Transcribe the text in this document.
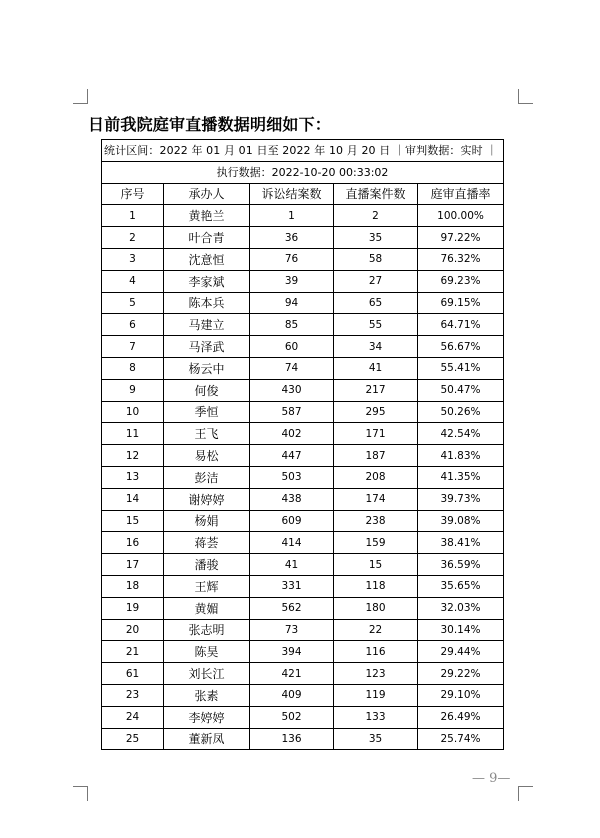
日前我院庭审直播数据明细如下：
统计区间：2022 年 01 月 01 日至 2022 年 10 月 20 日 ｜审判数据：实时 ｜				
执行数据：2022-10-20 00:33:02				
序号	承办人	诉讼结案数	直播案件数	庭审直播率
1	黄艳兰	1	2	100.00%
2	叶合青	36	35	97.22%
3	沈意恒	76	58	76.32%
4	李家斌	39	27	69.23%
5	陈本兵	94	65	69.15%
6	马建立	85	55	64.71%
7	马泽武	60	34	56.67%
8	杨云中	74	41	55.41%
9	何俊	430	217	50.47%
10	季恒	587	295	50.26%
11	王飞	402	171	42.54%
12	易松	447	187	41.83%
13	彭洁	503	208	41.35%
14	谢婷婷	438	174	39.73%
15	杨娟	609	238	39.08%
16	蒋荟	414	159	38.41%
17	潘骏	41	15	36.59%
18	王辉	331	118	35.65%
19	黄媚	562	180	32.03%
20	张志明	73	22	30.14%
21	陈昊	394	116	29.44%
61	刘长江	421	123	29.22%
23	张素	409	119	29.10%
24	李婷婷	502	133	26.49%
25	董新凤	136	35	25.74%
— 9—
